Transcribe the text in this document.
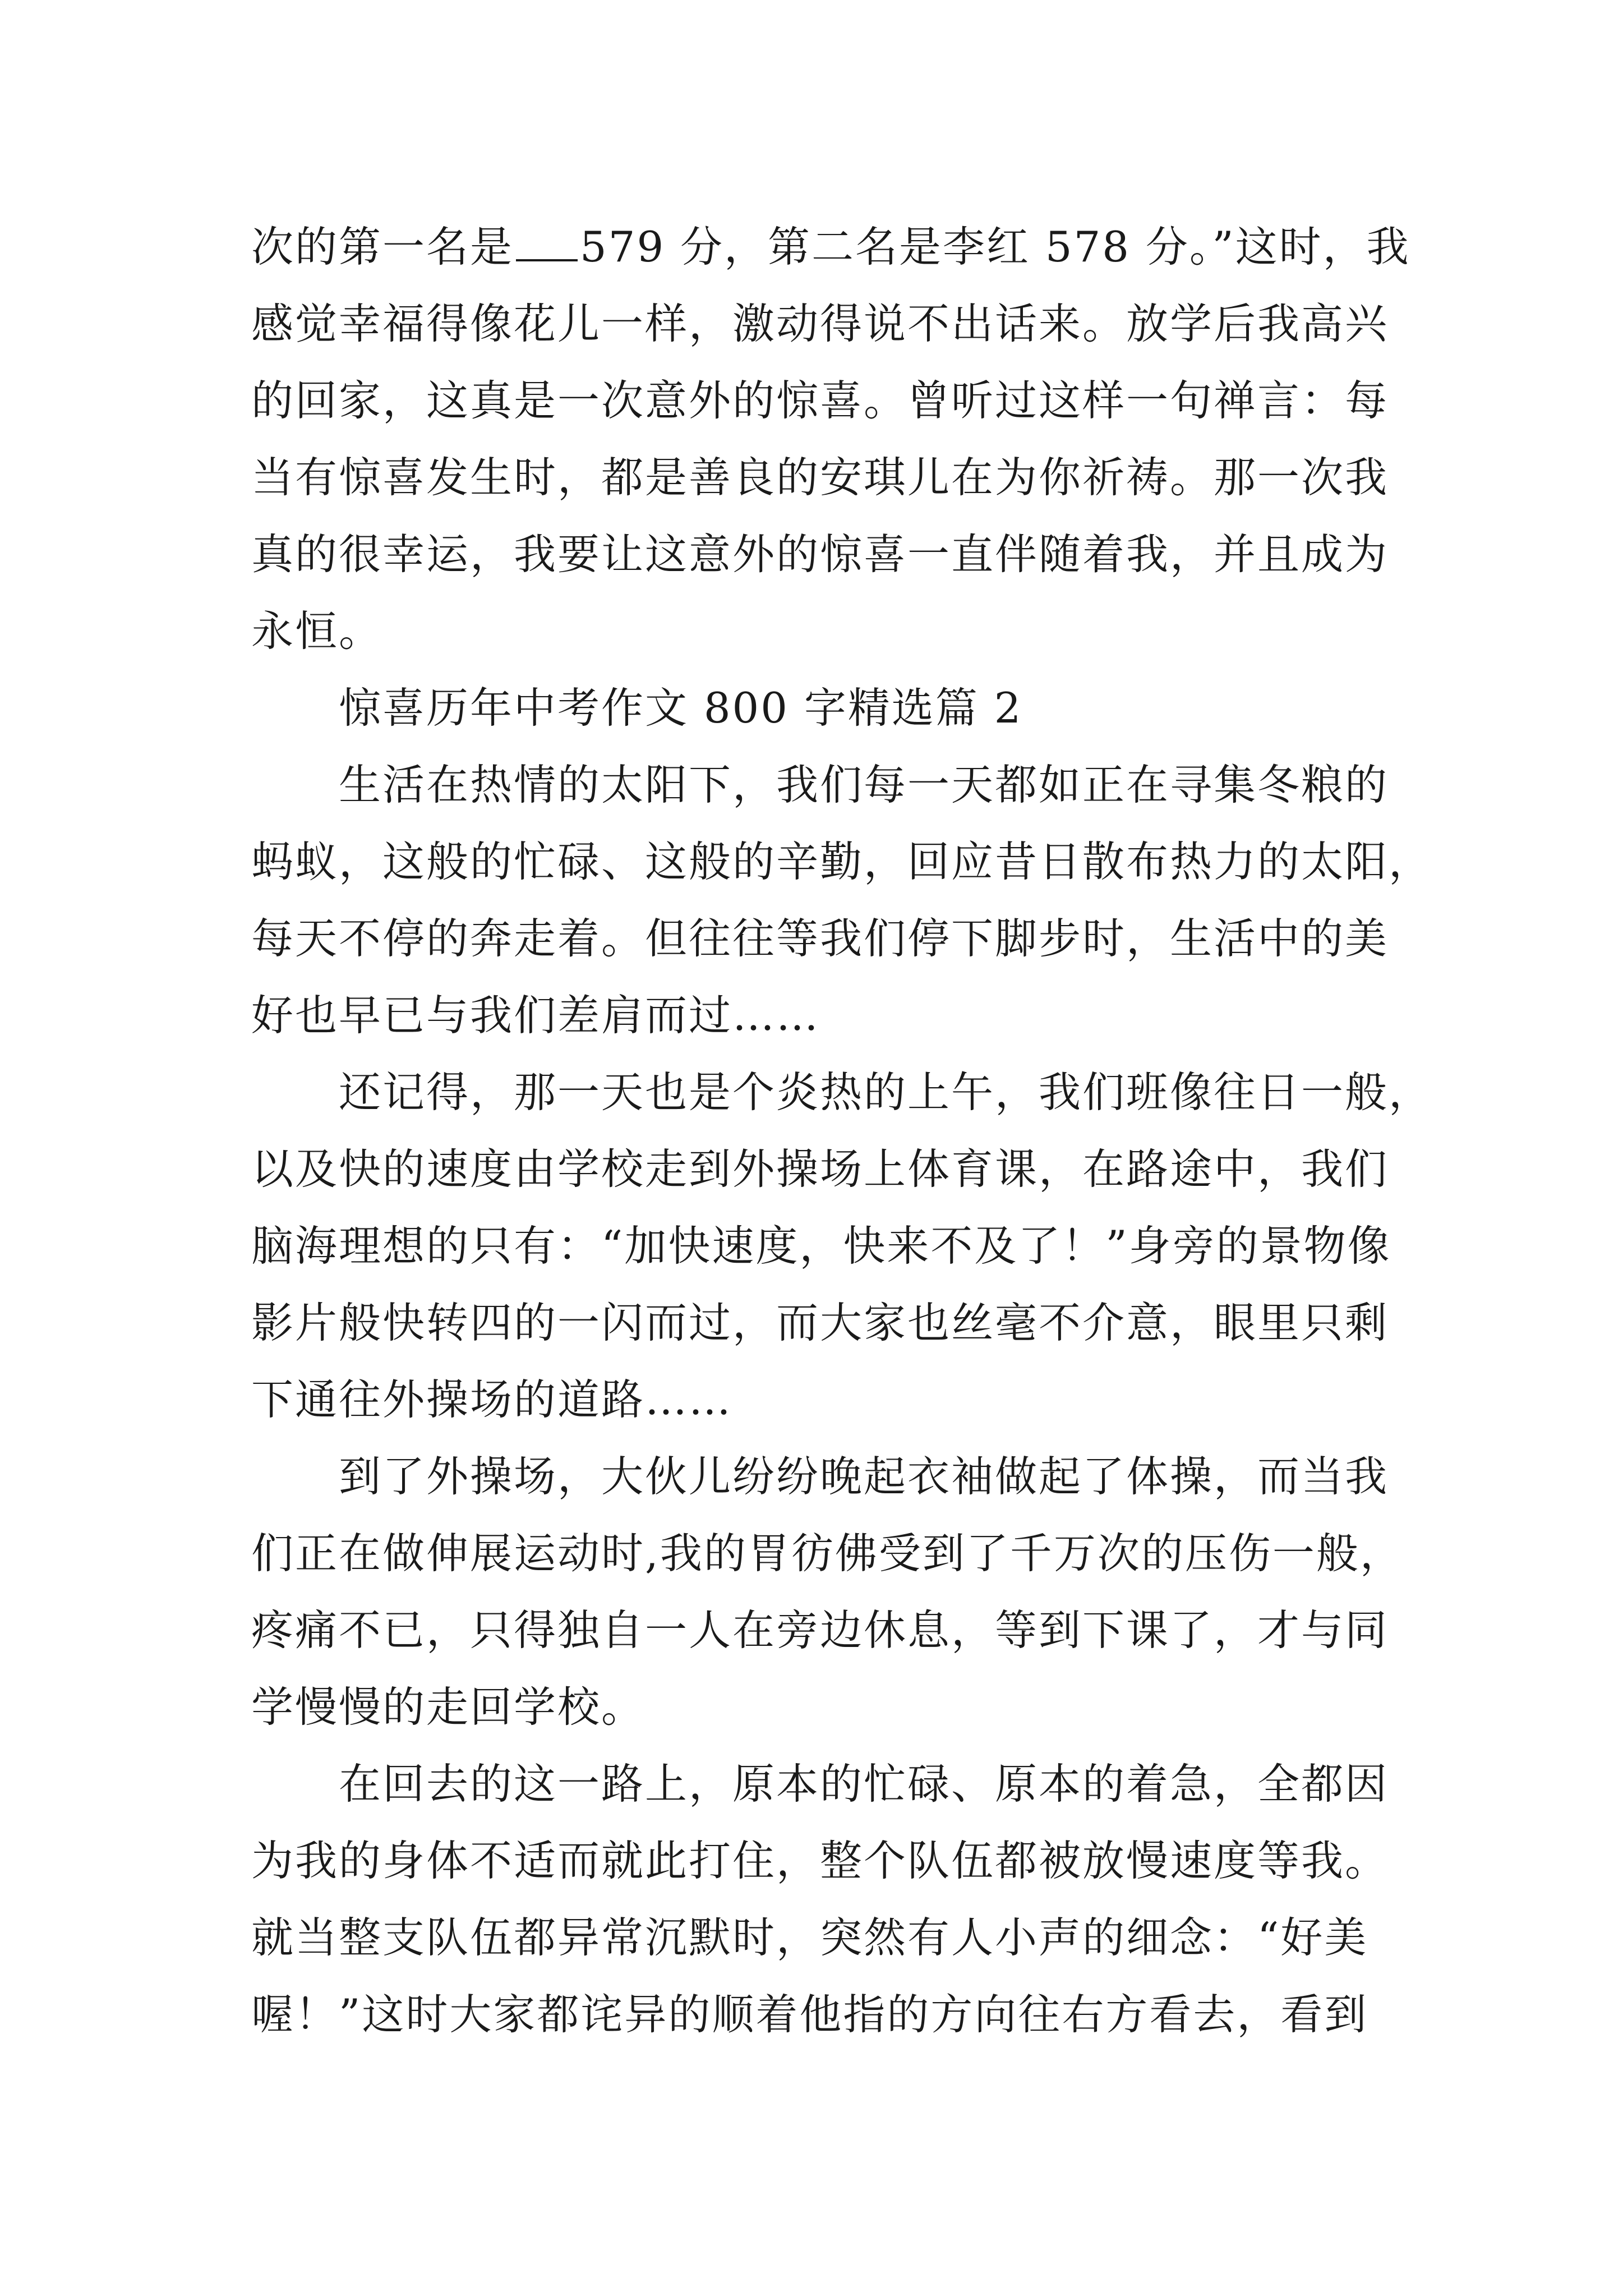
次的第一名是 579 分，第二名是李红 578 分。”这时，我
感觉幸福得像花儿一样，激动得说不出话来。放学后我高兴
的回家，这真是一次意外的惊喜。曾听过这样一句禅言：每
当有惊喜发生时，都是善良的安琪儿在为你祈祷。那一次我
真的很幸运，我要让这意外的惊喜一直伴随着我，并且成为
永恒。
惊喜历年中考作文 800 字精选篇 2
生活在热情的太阳下，我们每一天都如正在寻集冬粮的
蚂蚁，这般的忙碌、这般的辛勤，回应昔日散布热力的太阳，
每天不停的奔走着。但往往等我们停下脚步时，生活中的美
好也早已与我们差肩而过……
还记得，那一天也是个炎热的上午，我们班像往日一般，
以及快的速度由学校走到外操场上体育课，在路途中，我们
脑海理想的只有：“加快速度，快来不及了！”身旁的景物像
影片般快转四的一闪而过，而大家也丝毫不介意，眼里只剩
下通往外操场的道路……
到了外操场，大伙儿纷纷晚起衣袖做起了体操，而当我
们正在做伸展运动时,我的胃彷佛受到了千万次的压伤一般，
疼痛不已，只得独自一人在旁边休息，等到下课了，才与同
学慢慢的走回学校。
在回去的这一路上，原本的忙碌、原本的着急，全都因
为我的身体不适而就此打住，整个队伍都被放慢速度等我。
就当整支队伍都异常沉默时，突然有人小声的细念：“好美
喔！”这时大家都诧异的顺着他指的方向往右方看去，看到
